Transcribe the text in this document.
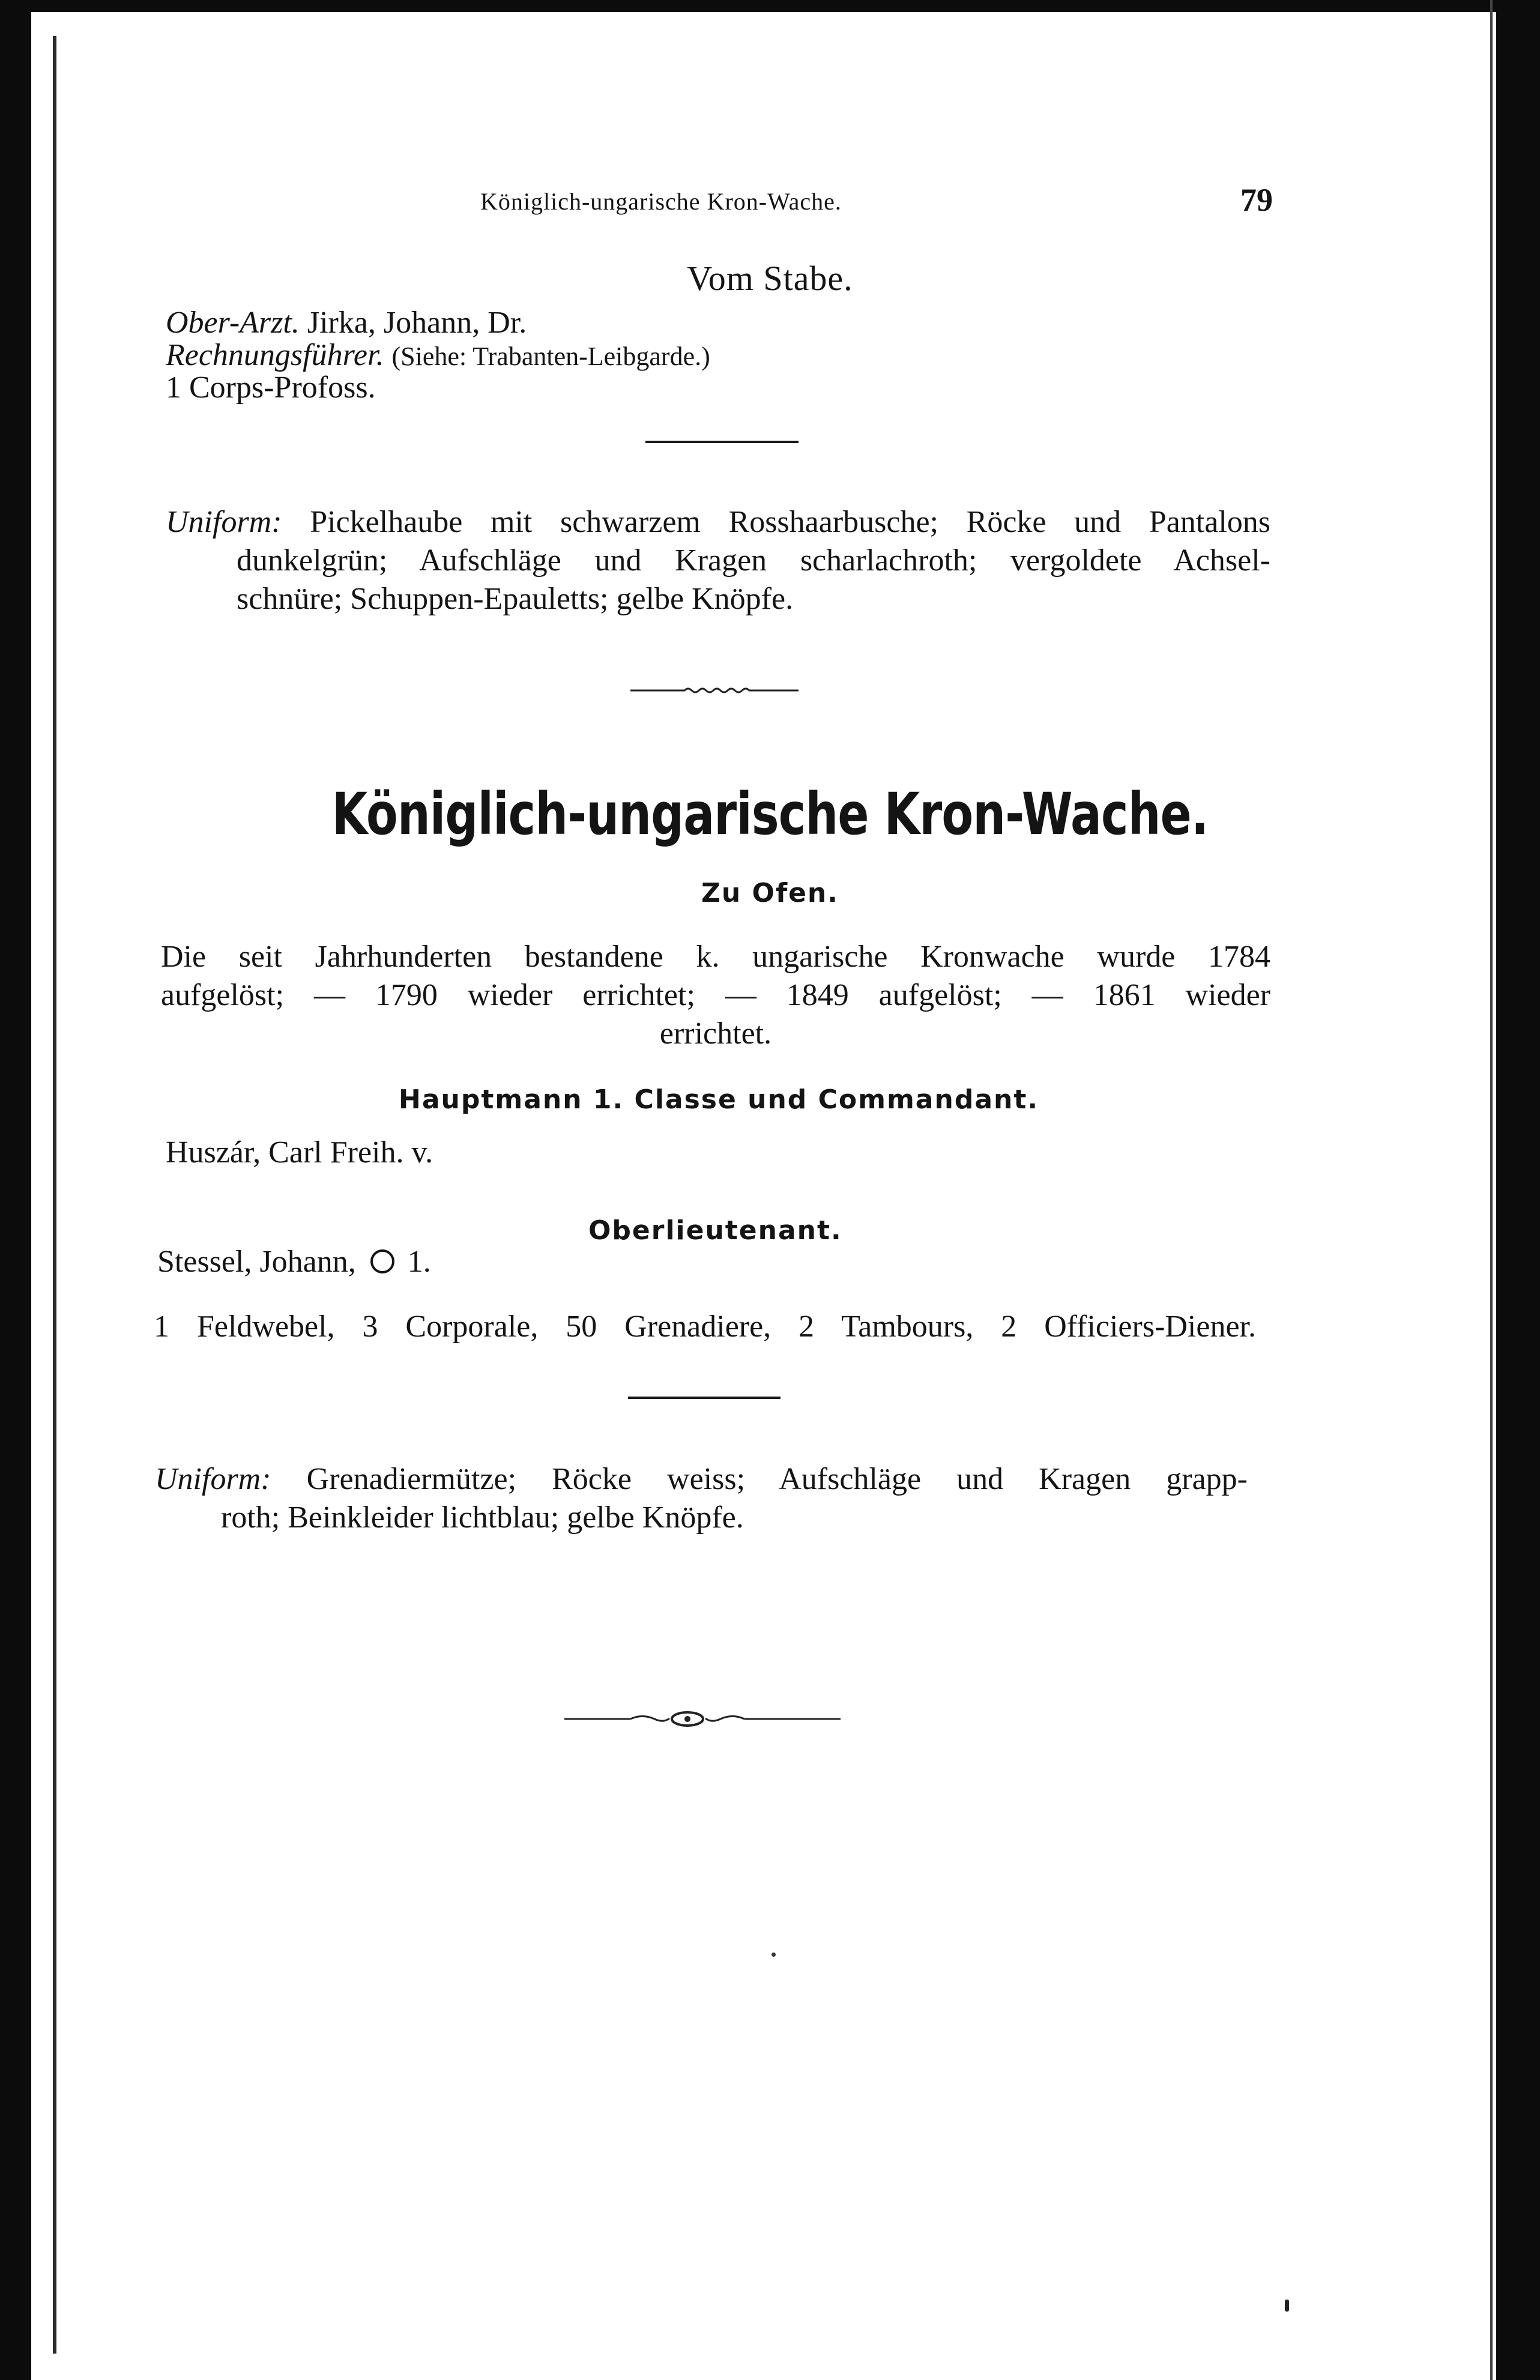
Königlich-ungarische Kron-Wache.	79
Vom Stabe.
Ober-Arzt. Jirka, Johann, Dr.
Rechnungsführer. (Siehe: Trabanten-Leibgarde.)
1 Corps-Profoss.
Uniform: Pickelhaube mit schwarzem Rosshaarbusche; Röcke und Pantalons
dunkelgrün; Aufschläge und Kragen scharlachroth; vergoldete Achsel-
schnüre; Schuppen-Epauletts; gelbe Knöpfe.
Königlich-ungarische Kron-Wache.
Zu Ofen.
Die seit Jahrhunderten bestandene k. ungarische Kronwache wurde 1784
aufgelöst; — 1790 wieder errichtet; — 1849 aufgelöst; — 1861 wieder
errichtet.
Hauptmann 1. Classe und Commandant.
Huszár, Carl Freih. v.
Oberlieutenant.
Stessel, Johann, 1.
1 Feldwebel, 3 Corporale, 50 Grenadiere, 2 Tambours, 2 Officiers-Diener.
Uniform: Grenadiermütze; Röcke weiss; Aufschläge und Kragen grapp-
roth; Beinkleider lichtblau; gelbe Knöpfe.
